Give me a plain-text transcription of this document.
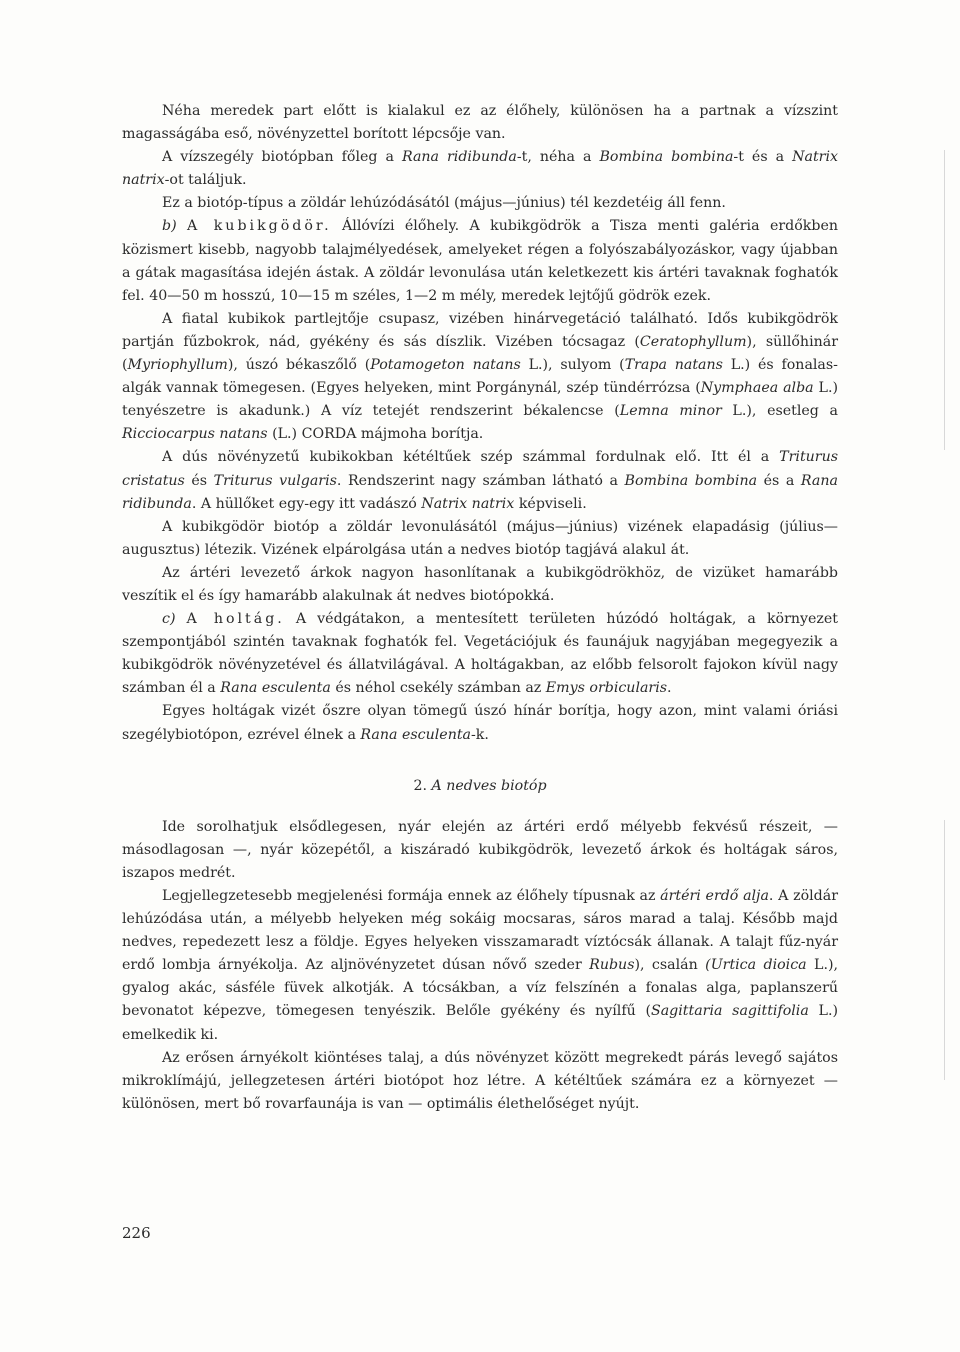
Néha meredek part előtt is kialakul ez az élőhely, különösen ha a partnak a vízszint magasságába eső, növényzettel borított lépcsője van.

A vízszegély biotópban főleg a Rana ridibunda-t, néha a Bombina bombina-t és a Natrix natrix-ot találjuk.

Ez a biotóp-típus a zöldár lehúzódásától (május—június) tél kezdetéig áll fenn.

b) A kubikgödör. Állóvízi élőhely. A kubikgödrök a Tisza menti galéria erdőkben közismert kisebb, nagyobb talajmélyedések, amelyeket régen a folyószabályozáskor, vagy újabban a gátak magasítása idején ástak. A zöldár levonulása után keletkezett kis ártéri tavaknak foghatók fel. 40—50 m hosszú, 10—15 m széles, 1—2 m mély, meredek lejtőjű gödrök ezek.

A fiatal kubikok partlejtője csupasz, vizében hinárvegetáció található. Idős kubikgödrök partján fűzbokrok, nád, gyékény és sás díszlik. Vizében tócsagaz (Ceratophyllum), süllőhinár (Myriophyllum), úszó békaszőlő (Potamogeton natans L.), sulyom (Trapa natans L.) és fonalas-algák vannak tömegesen. (Egyes helyeken, mint Porgánynál, szép tündérrózsa (Nymphaea alba L.) tenyészetre is akadunk.) A víz tetejét rendszerint békalencse (Lemna minor L.), esetleg a Ricciocarpus natans (L.) CORDA májmoha borítja.

A dús növényzetű kubikokban kétéltűek szép számmal fordulnak elő. Itt él a Triturus cristatus és Triturus vulgaris. Rendszerint nagy számban látható a Bombina bombina és a Rana ridibunda. A hüllőket egy-egy itt vadászó Natrix natrix képviseli.

A kubikgödör biotóp a zöldár levonulásától (május—június) vizének elapadásig (július—augusztus) létezik. Vizének elpárolgása után a nedves biotóp tagjává alakul át.

Az ártéri levezető árkok nagyon hasonlítanak a kubikgödrökhöz, de vizüket hamarább veszítik el és így hamarább alakulnak át nedves biotópokká.

c) A holtág. A védgátakon, a mentesített területen húzódó holtágak, a környezet szempontjából szintén tavaknak foghatók fel. Vegetációjuk és faunájuk nagyjában megegyezik a kubikgödrök növényzetével és állatvilágával. A holtágakban, az előbb felsorolt fajokon kívül nagy számban él a Rana esculenta és néhol csekély számban az Emys orbicularis.

Egyes holtágak vizét őszre olyan tömegű úszó hínár borítja, hogy azon, mint valami óriási szegélybiotópon, ezrével élnek a Rana esculenta-k.

2. A nedves biotóp

Ide sorolhatjuk elsődlegesen, nyár elején az ártéri erdő mélyebb fekvésű részeit, — másodlagosan —, nyár közepétől, a kiszáradó kubikgödrök, levezető árkok és holtágak sáros, iszapos medrét.

Legjellegzetesebb megjelenési formája ennek az élőhely típusnak az ártéri erdő alja. A zöldár lehúzódása után, a mélyebb helyeken még sokáig mocsaras, sáros marad a talaj. Később majd nedves, repedezett lesz a földje. Egyes helyeken visszamaradt víztócsák állanak. A talajt fűz-nyár erdő lombja árnyékolja. Az aljnövényzetet dúsan nővő szeder Rubus), csalán (Urtica dioica L.), gyalog akác, sásféle füvek alkotják. A tócsákban, a víz felszínén a fonalas alga, paplanszerű bevonatot képezve, tömegesen tenyészik. Belőle gyékény és nyílfű (Sagittaria sagittifolia L.) emelkedik ki.

Az erősen árnyékolt kiöntéses talaj, a dús növényzet között megrekedt párás levegő sajátos mikroklímájú, jellegzetesen ártéri biotópot hoz létre. A kétéltűek számára ez a környezet — különösen, mert bő rovarfaunája is van — optimális élethelőséget nyújt.

226
